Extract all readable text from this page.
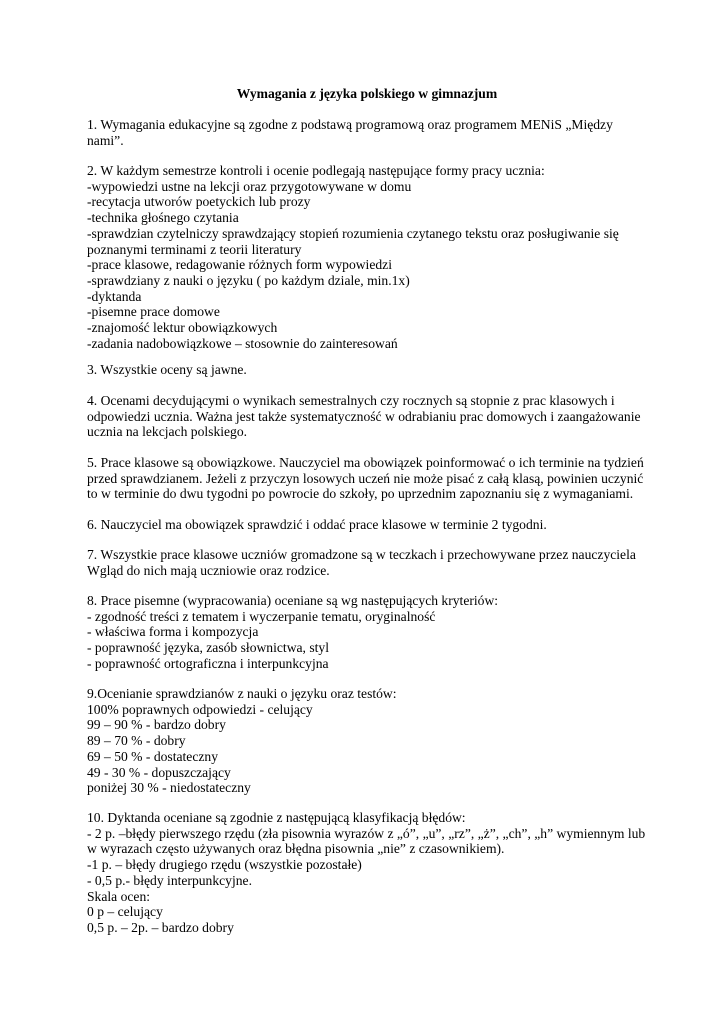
Wymagania z języka polskiego w gimnazjum
1. Wymagania edukacyjne są zgodne z podstawą programową oraz programem MENiS „Między
nami”.
2. W każdym semestrze kontroli i ocenie podlegają następujące formy pracy ucznia:
-wypowiedzi ustne na lekcji oraz przygotowywane w domu
-recytacja utworów poetyckich lub prozy
-technika głośnego czytania
-sprawdzian czytelniczy sprawdzający stopień rozumienia czytanego tekstu oraz posługiwanie się
poznanymi terminami z teorii literatury
-prace klasowe, redagowanie różnych form wypowiedzi
-sprawdziany z nauki o języku ( po każdym dziale, min.1x)
-dyktanda
-pisemne prace domowe
-znajomość lektur obowiązkowych
-zadania nadobowiązkowe – stosownie do zainteresowań
3. Wszystkie oceny są jawne.
4. Ocenami decydującymi o wynikach semestralnych czy rocznych są stopnie z prac klasowych i
odpowiedzi ucznia. Ważna jest także systematyczność w odrabianiu prac domowych i zaangażowanie
ucznia na lekcjach polskiego.
5. Prace klasowe są obowiązkowe. Nauczyciel ma obowiązek poinformować o ich terminie na tydzień
przed sprawdzianem. Jeżeli z przyczyn losowych uczeń nie może pisać z całą klasą, powinien uczynić
to w terminie do dwu tygodni po powrocie do szkoły, po uprzednim zapoznaniu się z wymaganiami.
6. Nauczyciel ma obowiązek sprawdzić i oddać prace klasowe w terminie 2 tygodni.
7. Wszystkie prace klasowe uczniów gromadzone są w teczkach i przechowywane przez nauczyciela
Wgląd do nich mają uczniowie oraz rodzice.
8. Prace pisemne (wypracowania) oceniane są wg następujących kryteriów:
- zgodność treści z tematem i wyczerpanie tematu, oryginalność
- właściwa forma i kompozycja
- poprawność języka, zasób słownictwa, styl
- poprawność ortograficzna i interpunkcyjna
9.Ocenianie sprawdzianów z nauki o języku oraz testów:
100% poprawnych odpowiedzi - celujący
99 – 90 % - bardzo dobry
89 – 70 % - dobry
69 – 50 % - dostateczny
49 - 30 % - dopuszczający
poniżej 30 % - niedostateczny
10. Dyktanda oceniane są zgodnie z następującą klasyfikacją błędów:
- 2 p. –błędy pierwszego rzędu (zła pisownia wyrazów z „ó”, „u”, „rz”, „ż”, „ch”, „h” wymiennym lub
w wyrazach często używanych oraz błędna pisownia „nie” z czasownikiem).
-1 p. – błędy drugiego rzędu (wszystkie pozostałe)
- 0,5 p.- błędy interpunkcyjne.
Skala ocen:
0 p – celujący
0,5 p. – 2p. – bardzo dobry
